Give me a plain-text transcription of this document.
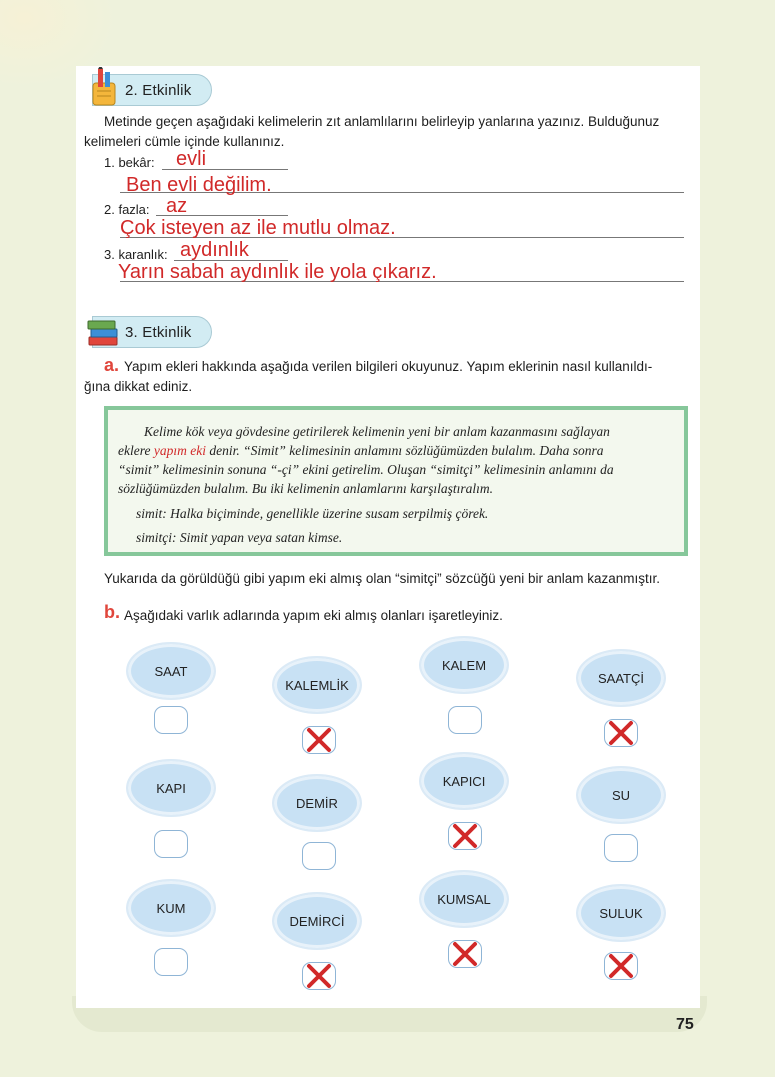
2. Etkinlik
Metinde geçen aşağıdaki kelimelerin zıt anlamlılarını belirleyip yanlarına yazınız. Bulduğunuz
kelimeleri cümle içinde kullanınız.
1. bekâr: evli
Ben evli değilim.
2. fazla: az
Çok isteyen az ile mutlu olmaz.
3. karanlık: aydınlık
Yarın sabah aydınlık ile yola çıkarız.
3. Etkinlik
a. Yapım ekleri hakkında aşağıda verilen bilgileri okuyunuz. Yapım eklerinin nasıl kullanıldı-
ğına dikkat ediniz.
Kelime kök veya gövdesine getirilerek kelimenin yeni bir anlam kazanmasını sağlayan
eklere yapım eki denir. “Simit” kelimesinin anlamını sözlüğümüzden bulalım. Daha sonra
“simit” kelimesinin sonuna “-çi” ekini getirelim. Oluşan “simitçi” kelimesinin anlamını da
sözlüğümüzden bulalım. Bu iki kelimenin anlamlarını karşılaştıralım.
simit: Halka biçiminde, genellikle üzerine susam serpilmiş çörek.
simitçi: Simit yapan veya satan kimse.
Yukarıda da görüldüğü gibi yapım eki almış olan “simitçi” sözcüğü yeni bir anlam kazanmıştır.
b. Aşağıdaki varlık adlarında yapım eki almış olanları işaretleyiniz.
SAAT
KALEMLİK
KALEM
SAATÇİ
KAPI
DEMİR
KAPICI
SU
KUM
DEMİRCİ
KUMSAL
SULUK
75
